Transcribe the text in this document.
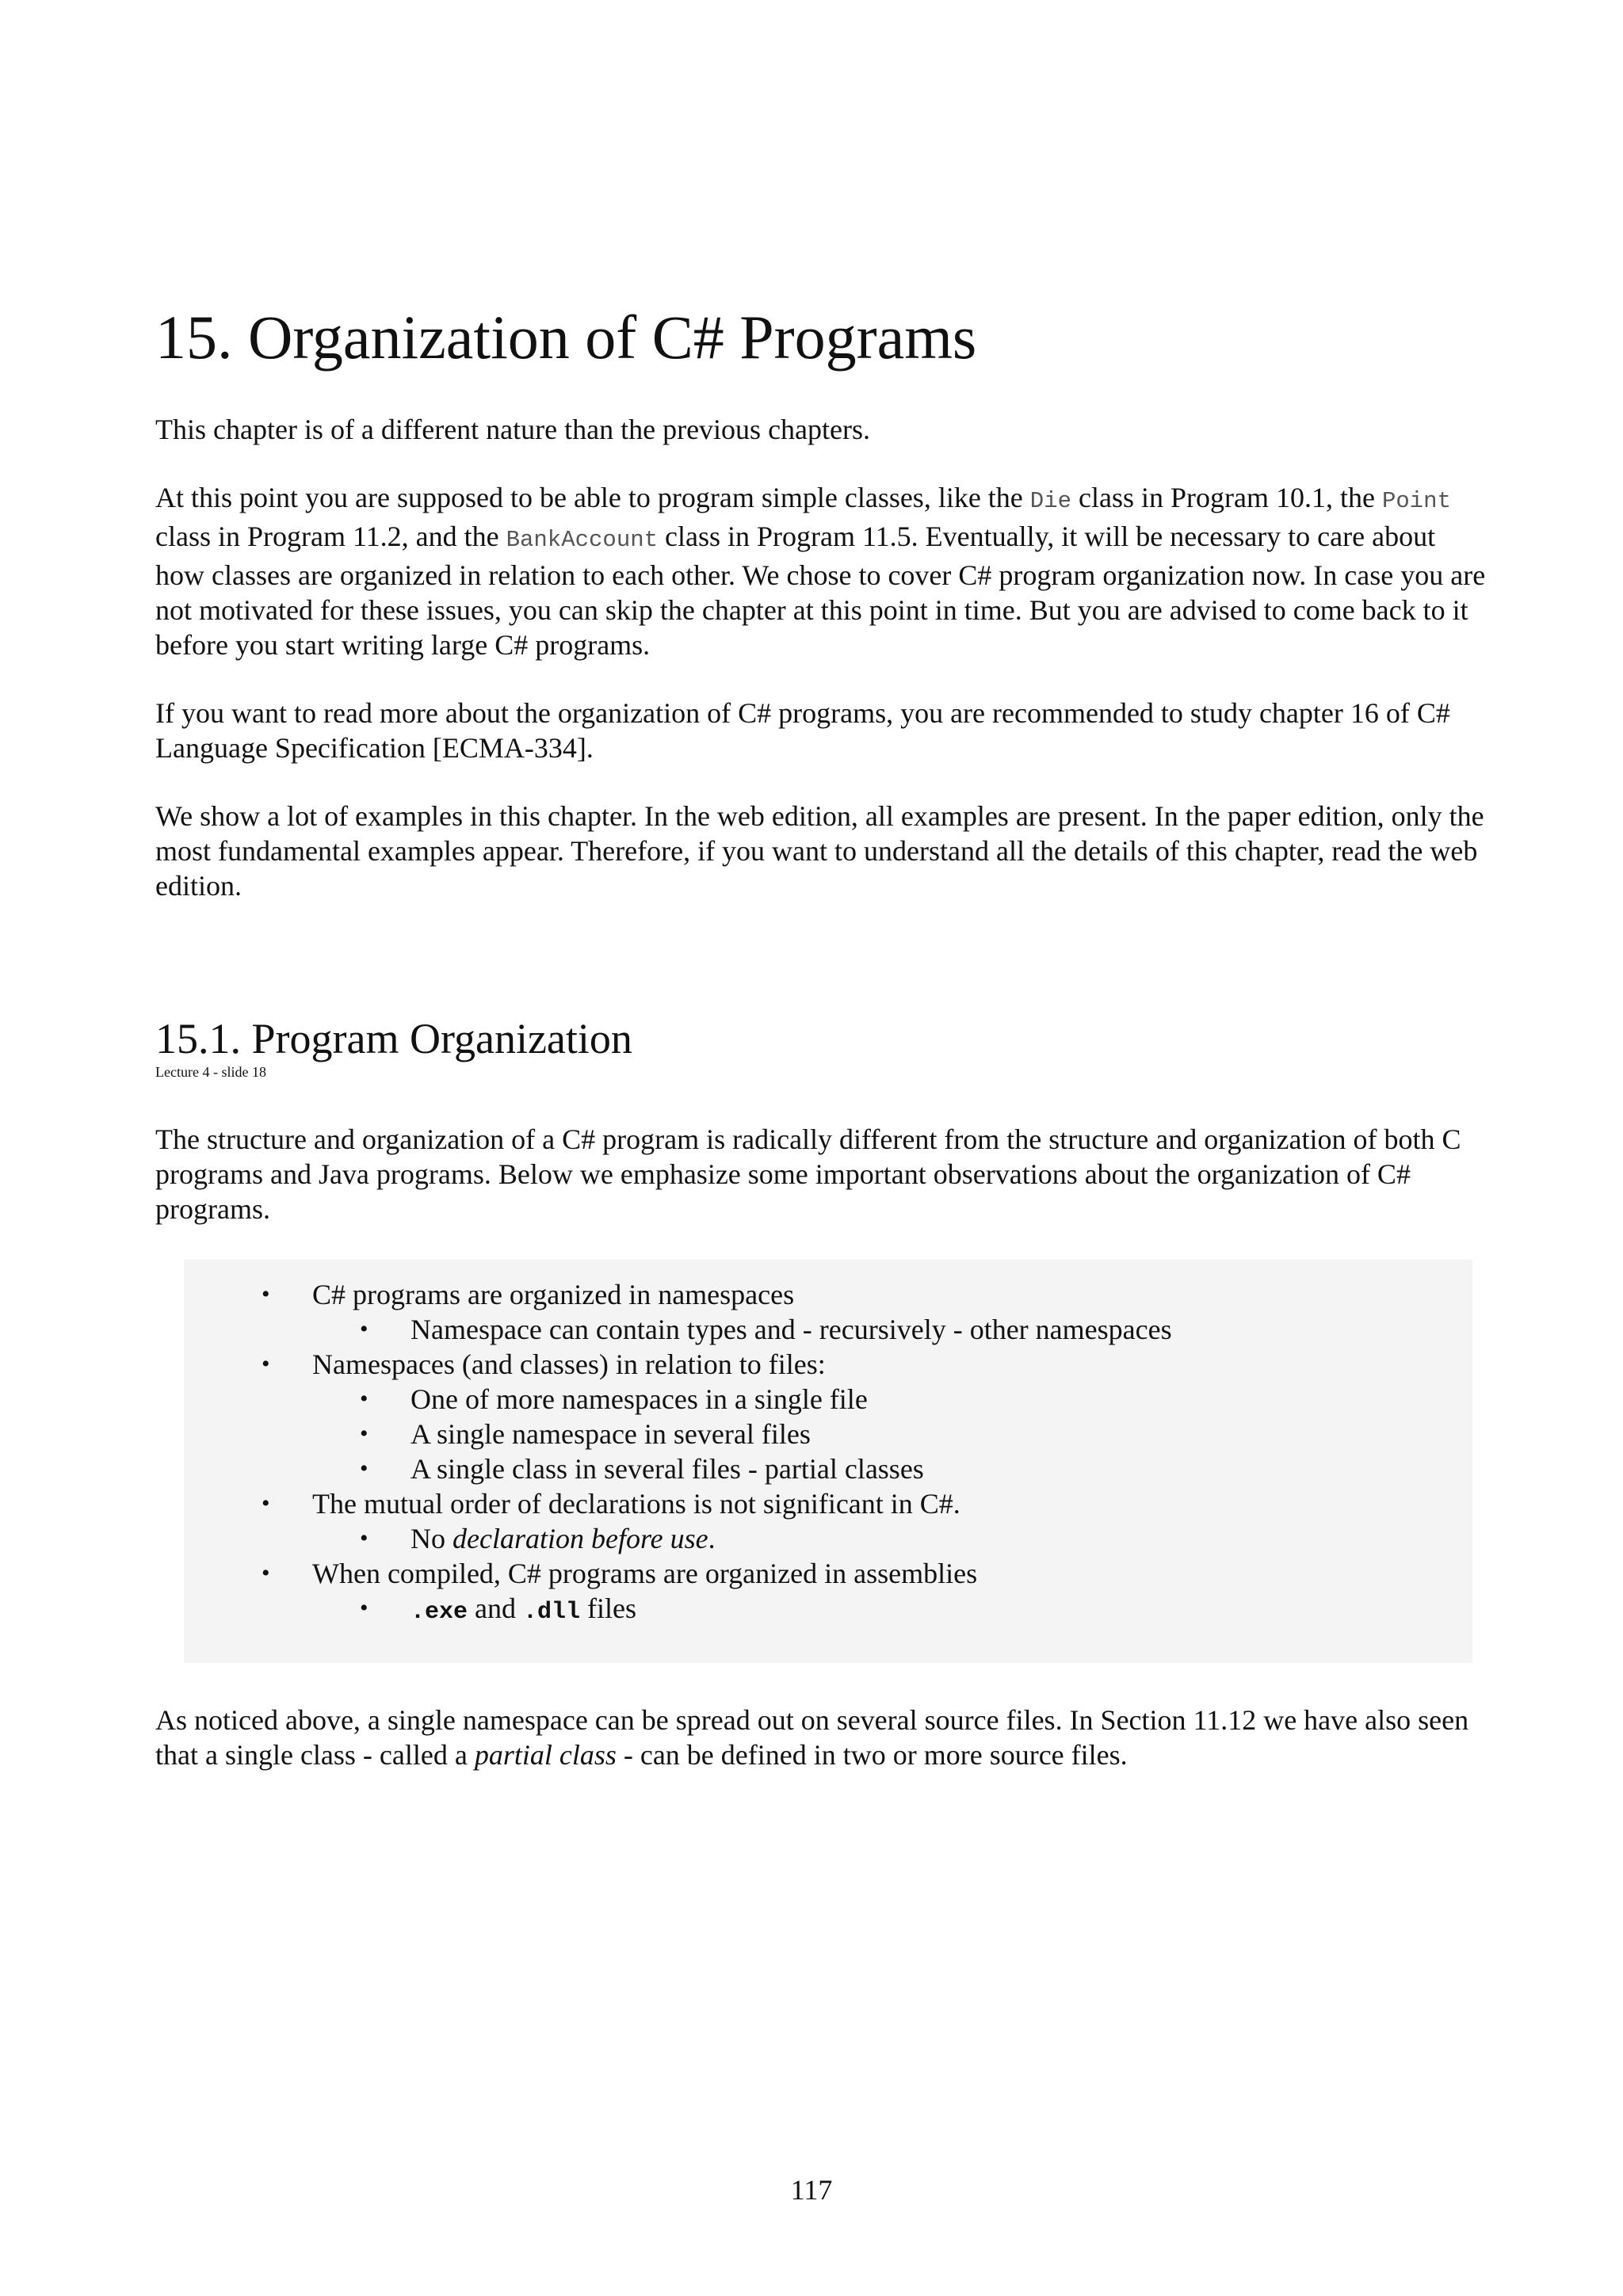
15. Organization of C# Programs

This chapter is of a different nature than the previous chapters.

At this point you are supposed to be able to program simple classes, like the Die class in Program 10.1, the Point class in Program 11.2, and the BankAccount class in Program 11.5. Eventually, it will be necessary to care about how classes are organized in relation to each other. We chose to cover C# program organization now. In case you are not motivated for these issues, you can skip the chapter at this point in time. But you are advised to come back to it before you start writing large C# programs.

If you want to read more about the organization of C# programs, you are recommended to study chapter 16 of C# Language Specification [ECMA-334].

We show a lot of examples in this chapter. In the web edition, all examples are present. In the paper edition, only the most fundamental examples appear. Therefore, if you want to understand all the details of this chapter, read the web edition.

15.1. Program Organization
Lecture 4 - slide 18

The structure and organization of a C# program is radically different from the structure and organization of both C programs and Java programs. Below we emphasize some important observations about the organization of C# programs.

• C# programs are organized in namespaces
• Namespace can contain types and - recursively - other namespaces
• Namespaces (and classes) in relation to files:
• One of more namespaces in a single file
• A single namespace in several files
• A single class in several files - partial classes
• The mutual order of declarations is not significant in C#.
• No declaration before use.
• When compiled, C# programs are organized in assemblies
• .exe and .dll files

As noticed above, a single namespace can be spread out on several source files. In Section 11.12 we have also seen that a single class - called a partial class - can be defined in two or more source files.

117
